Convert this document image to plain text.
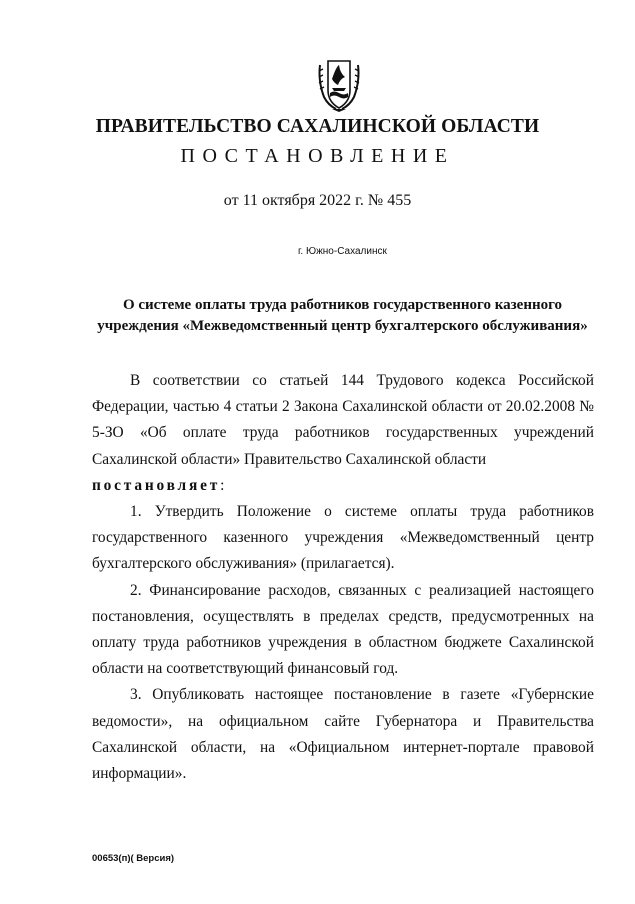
ПРАВИТЕЛЬСТВО САХАЛИНСКОЙ ОБЛАСТИ
ПОСТАНОВЛЕНИЕ
от 11 октября 2022 г. № 455
г. Южно-Сахалинск
О системе оплаты труда работников государственного казенного
учреждения «Межведомственный центр бухгалтерского обслуживания»

В соответствии со статьей 144 Трудового кодекса Российской Федерации, частью 4 статьи 2 Закона Сахалинской области от 20.02.2008 № 5-ЗО «Об оплате труда работников государственных учреждений Сахалинской области» Правительство Сахалинской области

постановляет:

1. Утвердить Положение о системе оплаты труда работников государственного казенного учреждения «Межведомственный центр бухгалтерского обслуживания» (прилагается).

2. Финансирование расходов, связанных с реализацией настоящего постановления, осуществлять в пределах средств, предусмотренных на оплату труда работников учреждения в областном бюджете Сахалинской области на соответствующий финансовый год.

3. Опубликовать настоящее постановление в газете «Губернские ведомости», на официальном сайте Губернатора и Правительства Сахалинской области, на «Официальном интернет-портале правовой информации».

00653(п)( Версия)
